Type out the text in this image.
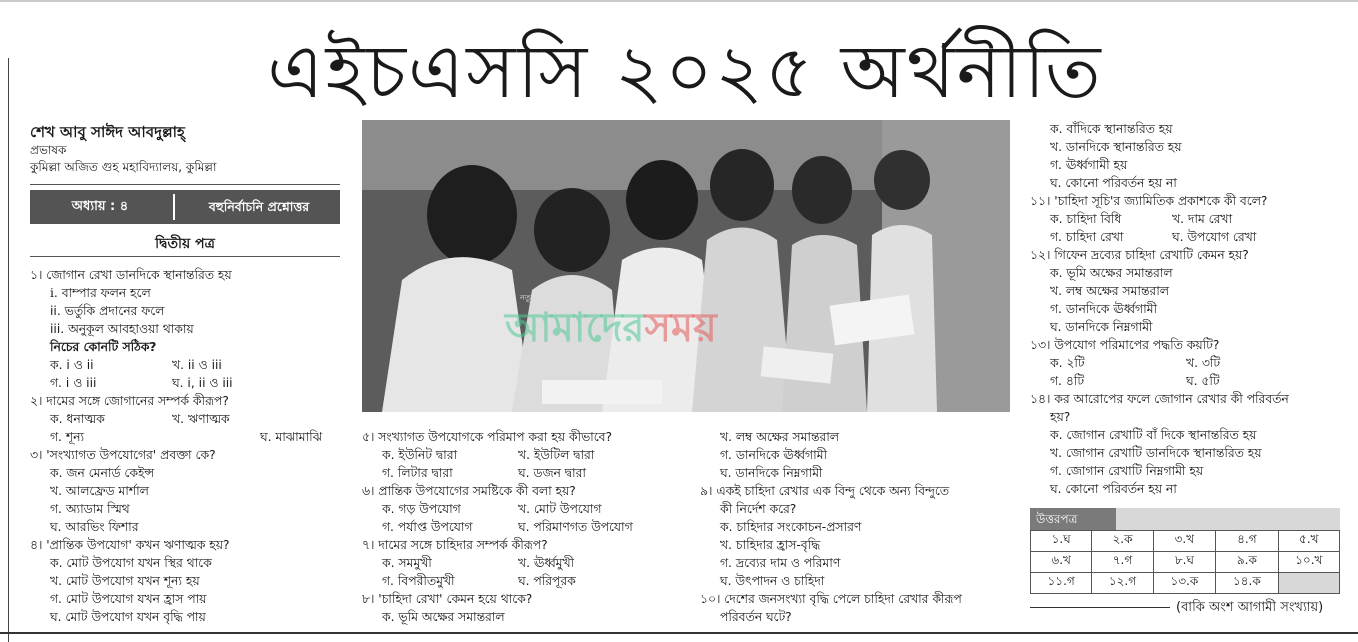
এইচএসসি ২০২৫ অর্থনীতি
শেখ আবু সাঈদ আবদুল্লাহ্
প্রভাষক
কুমিল্লা অজিত গুহ মহাবিদ্যালয়, কুমিল্লা
অধ্যায় : ৪	বহুনির্বাচনি প্রশ্নোত্তর
দ্বিতীয় পত্র
নতুন ধারার দৈনিক
আমাদেরসময়
১। জোগান রেখা ডানদিকে স্থানান্তরিত হয়
i. বাম্পার ফলন হলে
ii. ভর্তুকি প্রদানের ফলে
iii. অনুকূল আবহাওয়া থাকায়
নিচের কোনটি সঠিক?
ক. i ও ii	খ. ii ও iii
গ. i ও iii	ঘ. i, ii ও iii
২। দামের সঙ্গে জোগানের সম্পর্ক কীরূপ?
ক. ধনাত্মক	খ. ঋণাত্মক
গ. শূন্য	ঘ. মাঝামাঝি
৩। 'সংখ্যাগত উপযোগের' প্রবক্তা কে?
ক. জন মেনার্ড কেইন্স
খ. আলফ্রেড মার্শাল
গ. অ্যাডাম স্মিথ
ঘ. আরভিং ফিশার
৪। 'প্রান্তিক উপযোগ' কখন ঋণাত্মক হয়?
ক. মোট উপযোগ যখন স্থির থাকে
খ. মোট উপযোগ যখন শূন্য হয়
গ. মোট উপযোগ যখন হ্রাস পায়
ঘ. মোট উপযোগ যখন বৃদ্ধি পায়
৫। সংখ্যাগত উপযোগকে পরিমাপ করা হয় কীভাবে?
ক. ইউনিট দ্বারা	খ. ইউটিল দ্বারা
গ. লিটার দ্বারা	ঘ. ডজন দ্বারা
৬। প্রান্তিক উপযোগের সমষ্টিকে কী বলা হয়?
ক. গড় উপযোগ	খ. মোট উপযোগ
গ. পর্যাপ্ত উপযোগ	ঘ. পরিমাণগত উপযোগ
৭। দামের সঙ্গে চাহিদার সম্পর্ক কীরূপ?
ক. সমমুখী	খ. ঊর্ধ্বমুখী
গ. বিপরীতমুখী	ঘ. পরিপূরক
৮। 'চাহিদা রেখা' কেমন হয়ে থাকে?
ক. ভূমি অক্ষের সমান্তরাল
খ. লম্ব অক্ষের সমান্তরাল
গ. ডানদিকে ঊর্ধ্বগামী
ঘ. ডানদিকে নিম্নগামী
৯। একই চাহিদা রেখার এক বিন্দু থেকে অন্য বিন্দুতে
কী নির্দেশ করে?
ক. চাহিদার সংকোচন-প্রসারণ
খ. চাহিদার হ্রাস-বৃদ্ধি
গ. দ্রব্যের দাম ও পরিমাণ
ঘ. উৎপাদন ও চাহিদা
১০। দেশের জনসংখ্যা বৃদ্ধি পেলে চাহিদা রেখার কীরূপ
পরিবর্তন ঘটে?
ক. বাঁদিকে স্থানান্তরিত হয়
খ. ডানদিকে স্থানান্তরিত হয়
গ. ঊর্ধ্বগামী হয়
ঘ. কোনো পরিবর্তন হয় না
১১। 'চাহিদা সূচি'র জ্যামিতিক প্রকাশকে কী বলে?
ক. চাহিদা বিধি	খ. দাম রেখা
গ. চাহিদা রেখা	ঘ. উপযোগ রেখা
১২। গিফেন দ্রব্যের চাহিদা রেখাটি কেমন হয়?
ক. ভূমি অক্ষের সমান্তরাল
খ. লম্ব অক্ষের সমান্তরাল
গ. ডানদিকে ঊর্ধ্বগামী
ঘ. ডানদিকে নিম্নগামী
১৩। উপযোগ পরিমাপের পদ্ধতি কয়টি?
ক. ২টি	খ. ৩টি
গ. ৪টি	ঘ. ৫টি
১৪। কর আরোপের ফলে জোগান রেখার কী পরিবর্তন
হয়?
ক. জোগান রেখাটি বাঁ দিকে স্থানান্তরিত হয়
খ. জোগান রেখাটি ডানদিকে স্থানান্তরিত হয়
গ. জোগান রেখাটি নিম্নগামী হয়
ঘ. কোনো পরিবর্তন হয় না
উত্তরপত্র
১.ঘ	২.ক	৩.খ	৪.গ	৫.খ
৬.খ	৭.গ	৮.ঘ	৯.ক	১০.খ
১১.গ	১২.গ	১৩.ক	১৪.ক	
(বাকি অংশ আগামী সংখ্যায়)
